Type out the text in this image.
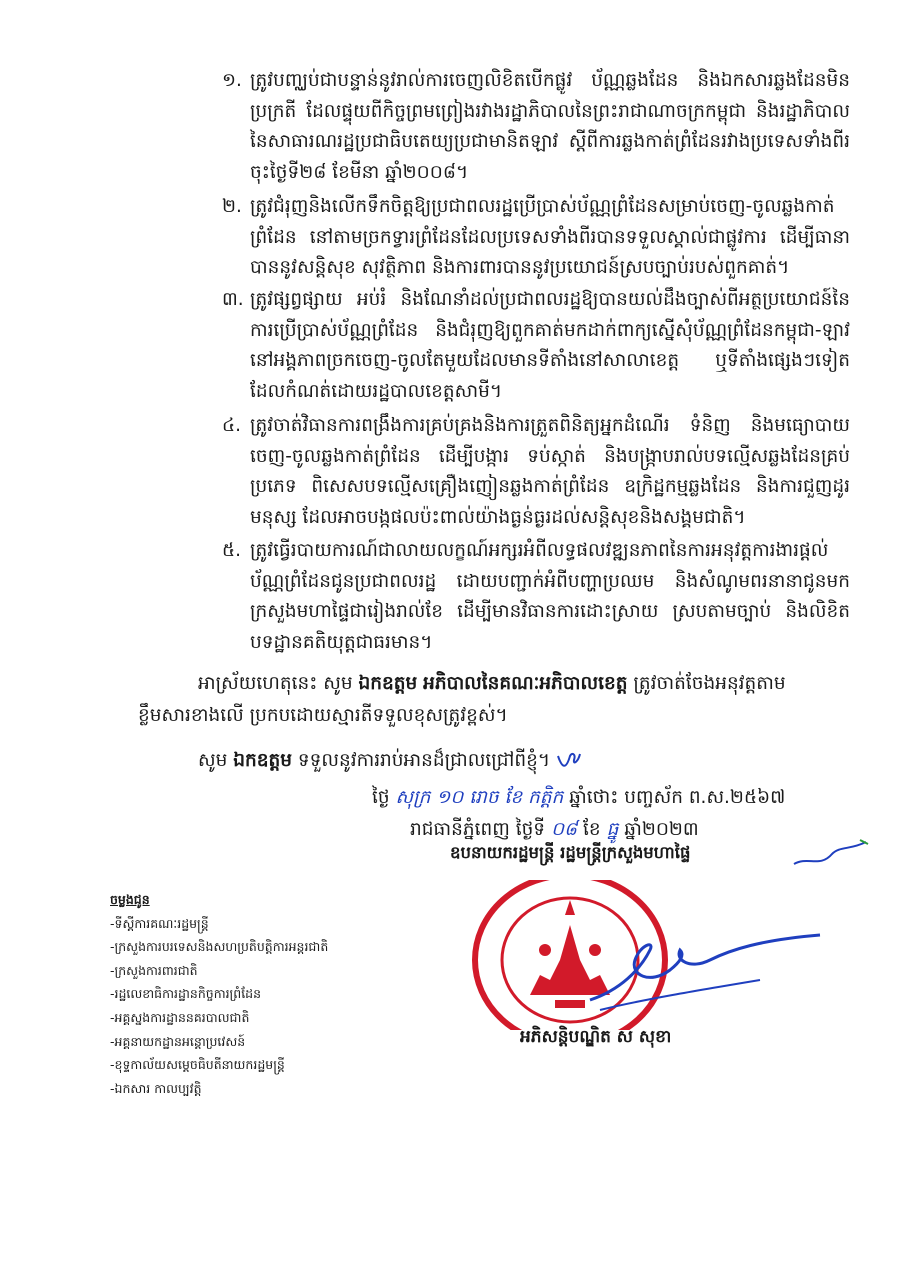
១. ត្រូវបញ្ឈប់ជាបន្ទាន់នូវរាល់ការចេញលិខិតបើកផ្លូវ ប័ណ្ណឆ្លងដែន និងឯកសារឆ្លងដែនមិនប្រក្រតី ដែលផ្ទុយពីកិច្ចព្រមព្រៀងរវាងរដ្ឋាភិបាលនៃព្រះរាជាណាចក្រកម្ពុជា និងរដ្ឋាភិបាលនៃសាធារណរដ្ឋប្រជាធិបតេយ្យប្រជាមានិតឡាវ ស្តីពីការឆ្លងកាត់ព្រំដែនរវាងប្រទេសទាំងពីរ ចុះថ្ងៃទី២៨ ខែមីនា ឆ្នាំ២០០៨។
២. ត្រូវជំរុញនិងលើកទឹកចិត្តឱ្យប្រជាពលរដ្ឋប្រើប្រាស់ប័ណ្ណព្រំដែនសម្រាប់ចេញ-ចូលឆ្លងកាត់ព្រំដែន នៅតាមច្រកទ្វារព្រំដែនដែលប្រទេសទាំងពីរបានទទួលស្គាល់ជាផ្លូវការ ដើម្បីធានាបាននូវសន្តិសុខ សុវត្ថិភាព និងការពារបាននូវប្រយោជន៍ស្របច្បាប់របស់ពួកគាត់។
៣. ត្រូវផ្សព្វផ្សាយ អប់រំ និងណែនាំដល់ប្រជាពលរដ្ឋឱ្យបានយល់ដឹងច្បាស់ពីអត្ថប្រយោជន៍នៃការប្រើប្រាស់ប័ណ្ណព្រំដែន និងជំរុញឱ្យពួកគាត់មកដាក់ពាក្យស្នើសុំប័ណ្ណព្រំដែនកម្ពុជា-ឡាវ នៅអង្គភាពច្រកចេញ-ចូលតែមួយដែលមានទីតាំងនៅសាលាខេត្ត ឬទីតាំងផ្សេងៗទៀតដែលកំណត់ដោយរដ្ឋបាលខេត្តសាមី។
៤. ត្រូវចាត់វិធានការពង្រឹងការគ្រប់គ្រងនិងការត្រួតពិនិត្យអ្នកដំណើរ ទំនិញ និងមធ្យោបាយចេញ-ចូលឆ្លងកាត់ព្រំដែន ដើម្បីបង្ការ ទប់ស្កាត់ និងបង្ក្រាបរាល់បទល្មើសឆ្លងដែនគ្រប់ប្រភេទ ពិសេសបទល្មើសគ្រឿងញៀនឆ្លងកាត់ព្រំដែន ឧក្រិដ្ឋកម្មឆ្លងដែន និងការជួញដូរមនុស្ស ដែលអាចបង្កផលប៉ះពាល់យ៉ាងធ្ងន់ធ្ងរដល់សន្តិសុខនិងសង្គមជាតិ។
៥. ត្រូវធ្វើរបាយការណ៍ជាលាយលក្ខណ៍អក្សរអំពីលទ្ធផលវឌ្ឍនភាពនៃការអនុវត្តការងារផ្តល់ប័ណ្ណព្រំដែនជូនប្រជាពលរដ្ឋ ដោយបញ្ជាក់អំពីបញ្ហាប្រឈម និងសំណូមពរនានាជូនមកក្រសួងមហាផ្ទៃជារៀងរាល់ខែ ដើម្បីមានវិធានការដោះស្រាយ ស្របតាមច្បាប់ និងលិខិតបទដ្ឋានគតិយុត្តជាធរមាន។
អាស្រ័យហេតុនេះ សូម ឯកឧត្តម អភិបាលនៃគណៈអភិបាលខេត្ត ត្រូវចាត់ចែងអនុវត្តតាម
ខ្លឹមសារខាងលើ ប្រកបដោយស្មារតីទទួលខុសត្រូវខ្ពស់។
សូម ឯកឧត្តម ទទួលនូវការរាប់អានដ៏ជ្រាលជ្រៅពីខ្ញុំ។
ថ្ងៃ សុក្រ ១០ រោច ខែ កត្តិក ឆ្នាំថោះ បញ្ចស័ក ព.ស.២៥៦៧
រាជធានីភ្នំពេញ ថ្ងៃទី ០៨ ខែ ធ្នូ ឆ្នាំ២០២៣
ឧបនាយករដ្ឋមន្ត្រី រដ្ឋមន្ត្រីក្រសួងមហាផ្ទៃ
អភិសន្តិបណ្ឌិត ស សុខា
ចម្លងជូន
-ទីស្តីការគណៈរដ្ឋមន្ត្រី
-ក្រសួងការបរទេសនិងសហប្រតិបត្តិការអន្តរជាតិ
-ក្រសួងការពារជាតិ
-រដ្ឋលេខាធិការដ្ឋានកិច្ចការព្រំដែន
-អគ្គស្នងការដ្ឋាននគរបាលជាតិ
-អគ្គនាយកដ្ឋានអន្តោប្រវេសន៍
-ខុទ្ទកាល័យសម្តេចធិបតីនាយករដ្ឋមន្ត្រី
-ឯកសារ កាលប្បវត្តិ
